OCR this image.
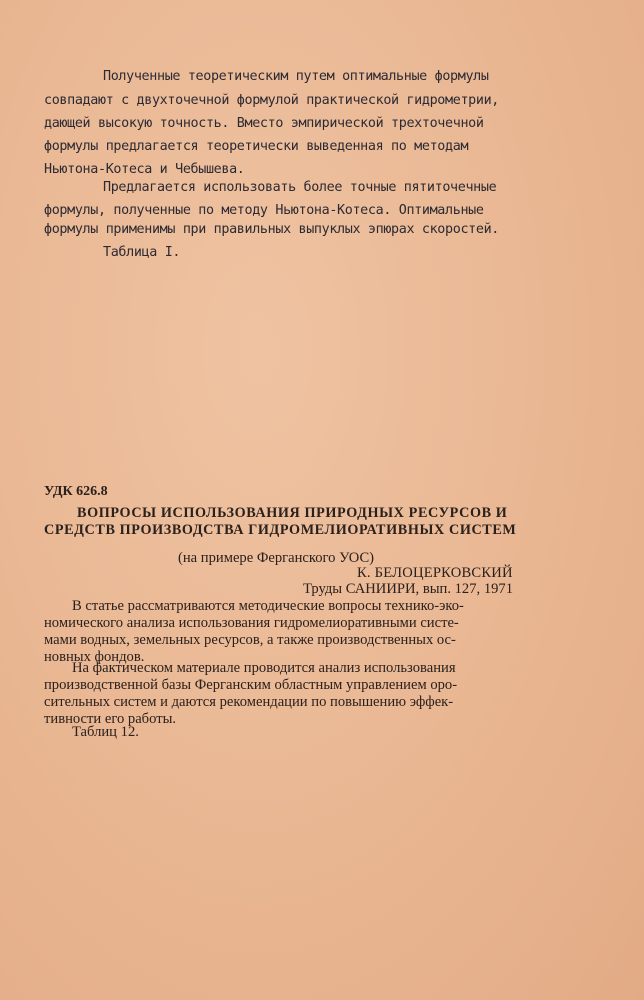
Полученные теоретическим путем оптимальные формулы
совпадают с двухточечной формулой практической гидрометрии,
дающей высокую точность. Вместо эмпирической трехточечной
формулы предлагается теоретически выведенная по методам
Ньютона-Котеса и Чебышева.
Предлагается использовать более точные пятиточечные
формулы, полученные по методу Ньютона-Котеса. Оптимальные
формулы применимы при правильных выпуклых эпюрах скоростей.
Таблица I.
УДК 626.8
ВОПРОСЫ ИСПОЛЬЗОВАНИЯ ПРИРОДНЫХ РЕСУРСОВ И
СРЕДСТВ ПРОИЗВОДСТВА ГИДРОМЕЛИОРАТИВНЫХ СИСТЕМ
(на примере Ферганского УОС)
К. БЕЛОЦЕРКОВСКИЙ
Труды САНИИРИ, вып. 127, 1971
В статье рассматриваются методические вопросы технико-эко-
номического анализа использования гидромелиоративными систе-
мами водных, земельных ресурсов, а также производственных ос-
новных фондов.
На фактическом материале проводится анализ использования
производственной базы Ферганским областным управлением оро-
сительных систем и даются рекомендации по повышению эффек-
тивности его работы.
Таблиц 12.
